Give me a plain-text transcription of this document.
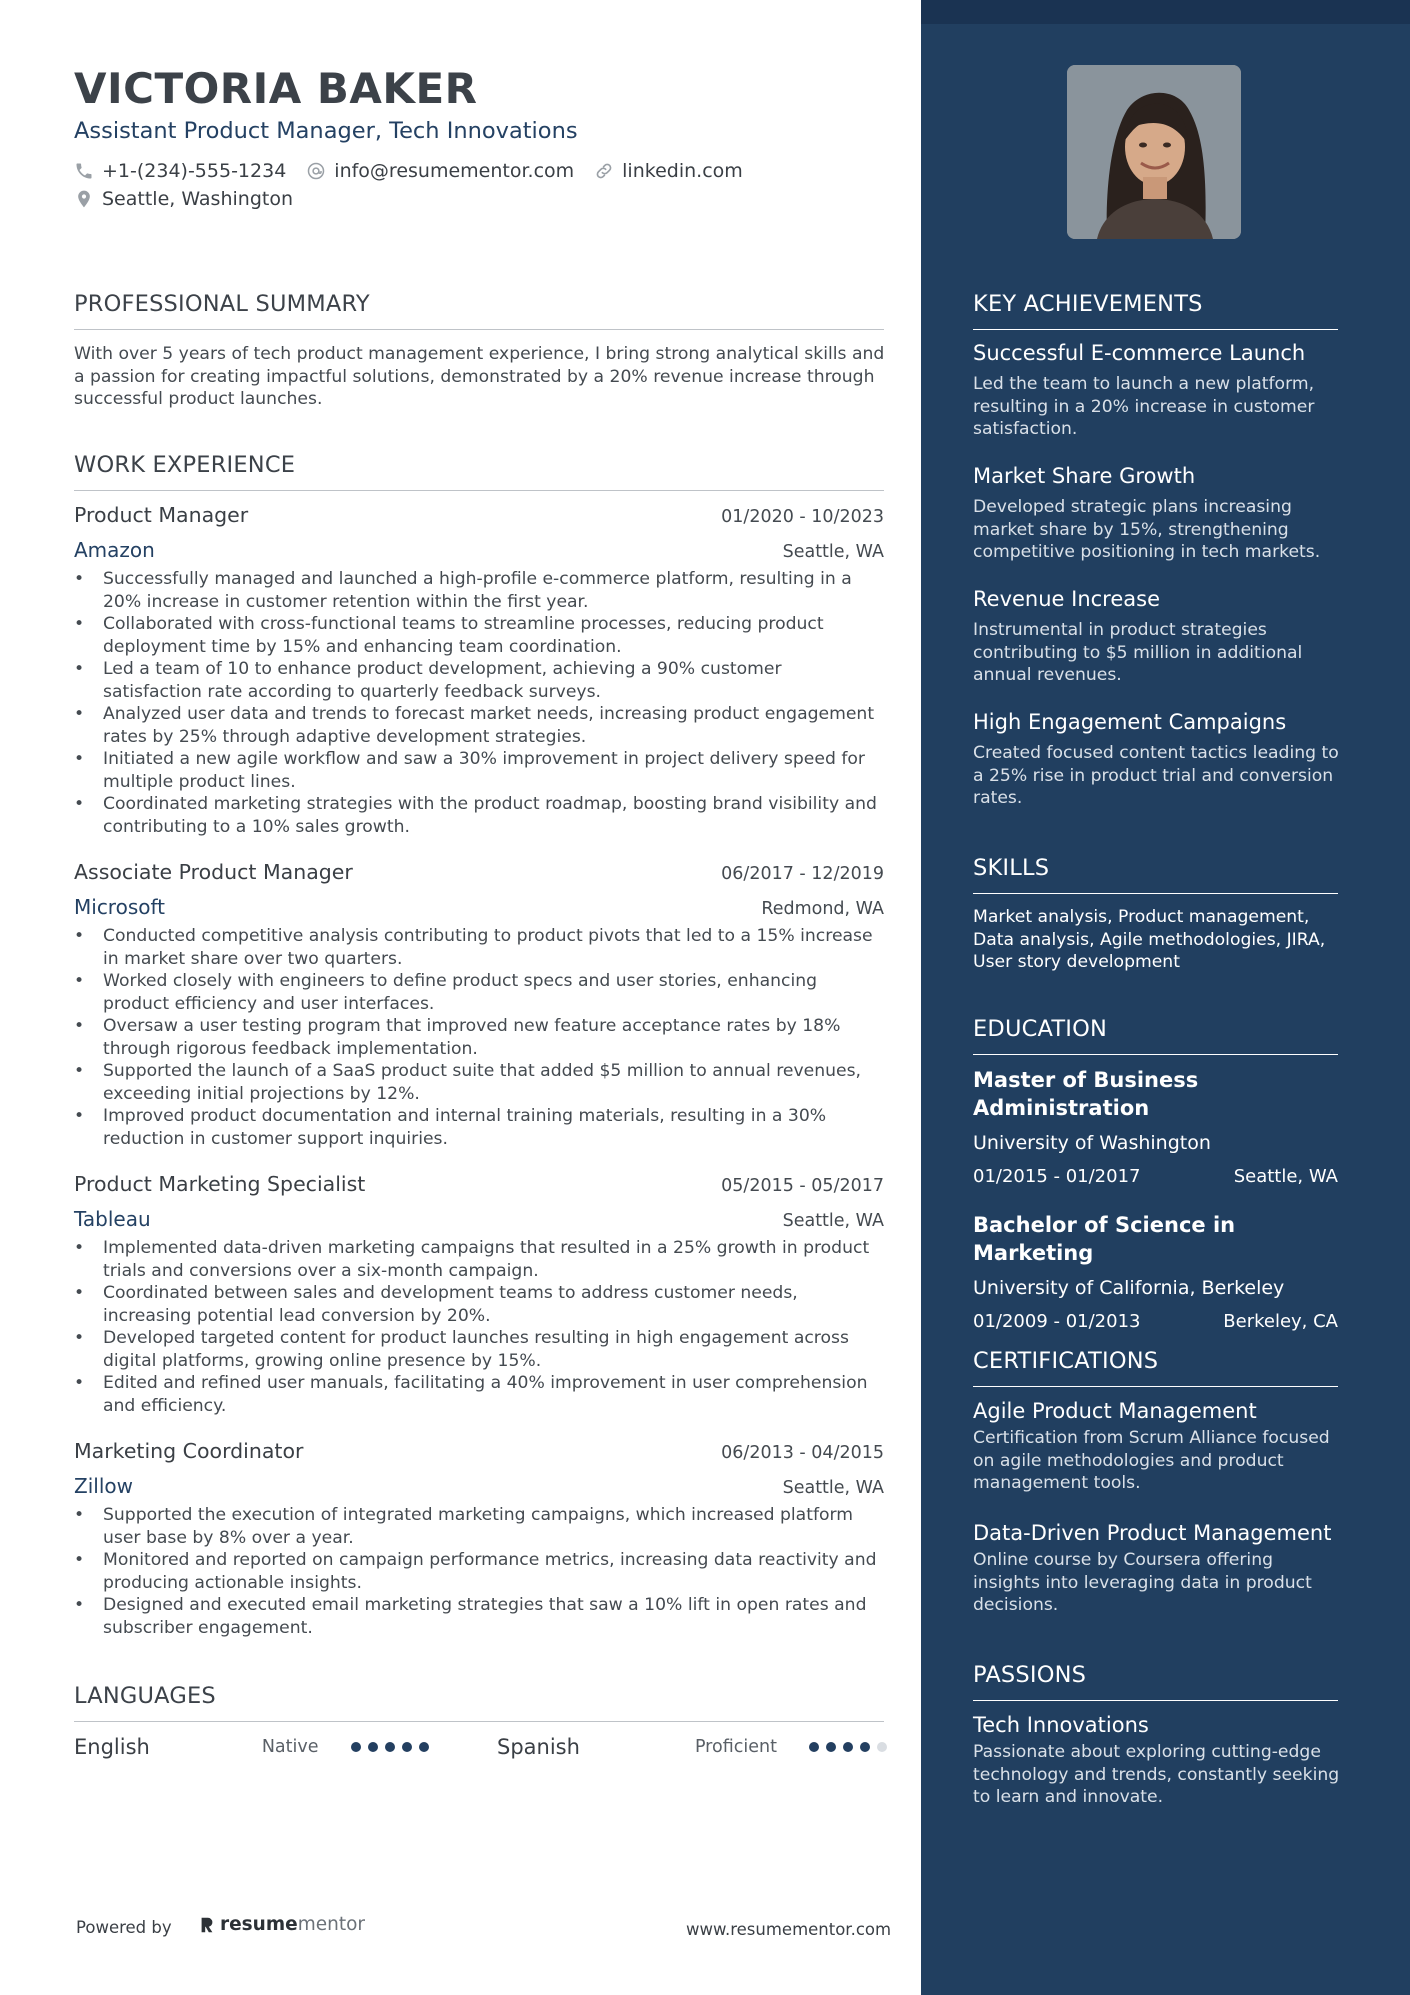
VICTORIA BAKER
Assistant Product Manager, Tech Innovations
+1-(234)-555-1234	info@resumementor.com	linkedin.com
Seattle, Washington
PROFESSIONAL SUMMARY
With over 5 years of tech product management experience, I bring strong analytical skills and a passion for creating impactful solutions, demonstrated by a 20% revenue increase through successful product launches.
WORK EXPERIENCE
Product Manager	01/2020 - 10/2023
Amazon	Seattle, WA
• Successfully managed and launched a high-profile e-commerce platform, resulting in a 20% increase in customer retention within the first year.
• Collaborated with cross-functional teams to streamline processes, reducing product deployment time by 15% and enhancing team coordination.
• Led a team of 10 to enhance product development, achieving a 90% customer satisfaction rate according to quarterly feedback surveys.
• Analyzed user data and trends to forecast market needs, increasing product engagement rates by 25% through adaptive development strategies.
• Initiated a new agile workflow and saw a 30% improvement in project delivery speed for multiple product lines.
• Coordinated marketing strategies with the product roadmap, boosting brand visibility and contributing to a 10% sales growth.
Associate Product Manager	06/2017 - 12/2019
Microsoft	Redmond, WA
• Conducted competitive analysis contributing to product pivots that led to a 15% increase in market share over two quarters.
• Worked closely with engineers to define product specs and user stories, enhancing product efficiency and user interfaces.
• Oversaw a user testing program that improved new feature acceptance rates by 18% through rigorous feedback implementation.
• Supported the launch of a SaaS product suite that added $5 million to annual revenues, exceeding initial projections by 12%.
• Improved product documentation and internal training materials, resulting in a 30% reduction in customer support inquiries.
Product Marketing Specialist	05/2015 - 05/2017
Tableau	Seattle, WA
• Implemented data-driven marketing campaigns that resulted in a 25% growth in product trials and conversions over a six-month campaign.
• Coordinated between sales and development teams to address customer needs, increasing potential lead conversion by 20%.
• Developed targeted content for product launches resulting in high engagement across digital platforms, growing online presence by 15%.
• Edited and refined user manuals, facilitating a 40% improvement in user comprehension and efficiency.
Marketing Coordinator	06/2013 - 04/2015
Zillow	Seattle, WA
• Supported the execution of integrated marketing campaigns, which increased platform user base by 8% over a year.
• Monitored and reported on campaign performance metrics, increasing data reactivity and producing actionable insights.
• Designed and executed email marketing strategies that saw a 10% lift in open rates and subscriber engagement.
LANGUAGES
English	Native	Spanish	Proficient
Powered by	resumementor	www.resumementor.com
KEY ACHIEVEMENTS
Successful E-commerce Launch
Led the team to launch a new platform, resulting in a 20% increase in customer satisfaction.
Market Share Growth
Developed strategic plans increasing market share by 15%, strengthening competitive positioning in tech markets.
Revenue Increase
Instrumental in product strategies contributing to $5 million in additional annual revenues.
High Engagement Campaigns
Created focused content tactics leading to a 25% rise in product trial and conversion rates.
SKILLS
Market analysis, Product management, Data analysis, Agile methodologies, JIRA, User story development
EDUCATION
Master of Business Administration
University of Washington
01/2015 - 01/2017	Seattle, WA
Bachelor of Science in Marketing
University of California, Berkeley
01/2009 - 01/2013	Berkeley, CA
CERTIFICATIONS
Agile Product Management
Certification from Scrum Alliance focused on agile methodologies and product management tools.
Data-Driven Product Management
Online course by Coursera offering insights into leveraging data in product decisions.
PASSIONS
Tech Innovations
Passionate about exploring cutting-edge technology and trends, constantly seeking to learn and innovate.
